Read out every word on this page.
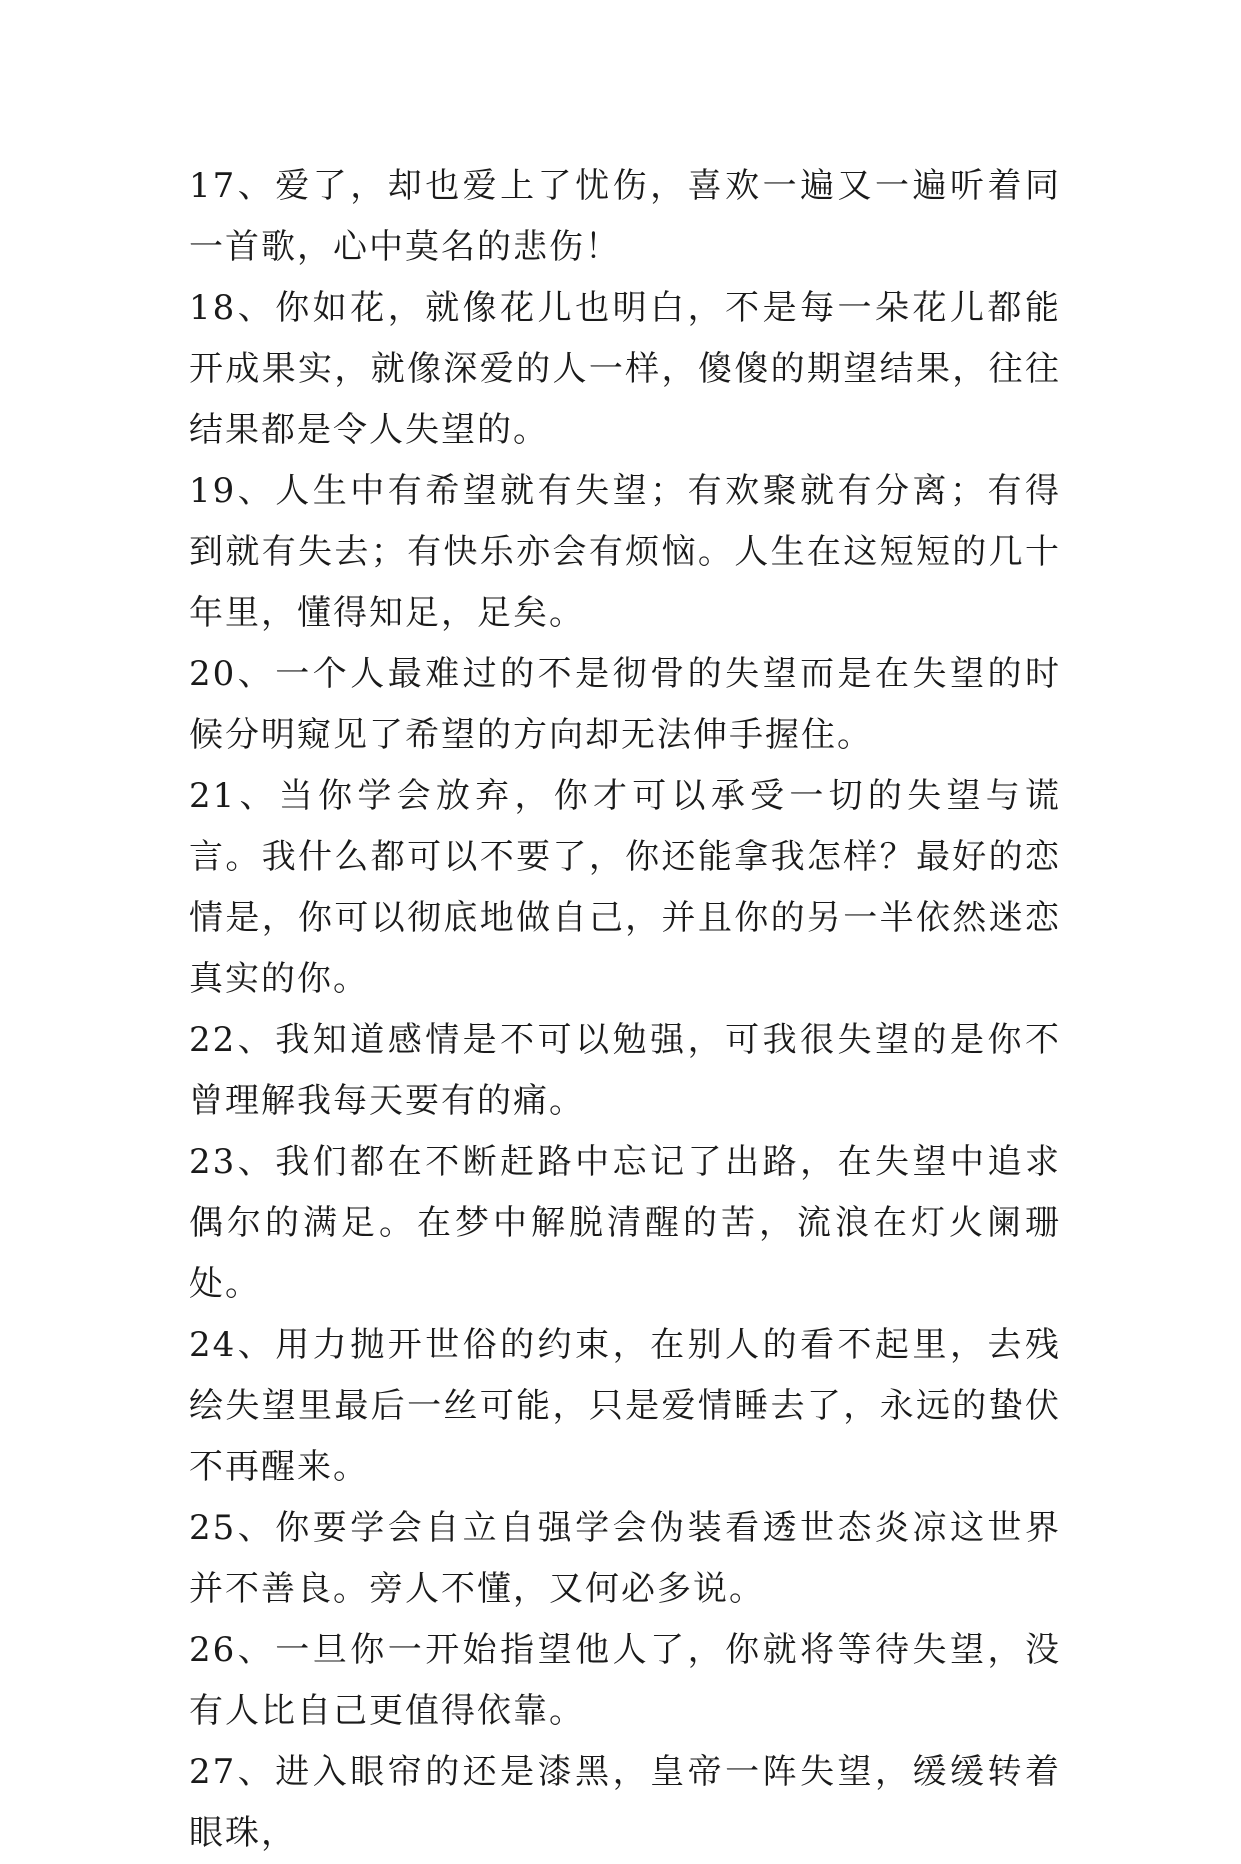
17、爱了，却也爱上了忧伤，喜欢一遍又一遍听着同一首歌，心中莫名的悲伤！

18、你如花，就像花儿也明白，不是每一朵花儿都能开成果实，就像深爱的人一样，傻傻的期望结果，往往结果都是令人失望的。

19、人生中有希望就有失望；有欢聚就有分离；有得到就有失去；有快乐亦会有烦恼。人生在这短短的几十年里，懂得知足，足矣。

20、一个人最难过的不是彻骨的失望而是在失望的时候分明窥见了希望的方向却无法伸手握住。

21、当你学会放弃，你才可以承受一切的失望与谎言。我什么都可以不要了，你还能拿我怎样？最好的恋情是，你可以彻底地做自己，并且你的另一半依然迷恋真实的你。

22、我知道感情是不可以勉强，可我很失望的是你不曾理解我每天要有的痛。

23、我们都在不断赶路中忘记了出路，在失望中追求偶尔的满足。在梦中解脱清醒的苦，流浪在灯火阑珊处。

24、用力抛开世俗的约束，在别人的看不起里，去残绘失望里最后一丝可能，只是爱情睡去了，永远的蛰伏不再醒来。

25、你要学会自立自强学会伪装看透世态炎凉这世界并不善良。旁人不懂，又何必多说。

26、一旦你一开始指望他人了，你就将等待失望，没有人比自己更值得依靠。

27、进入眼帘的还是漆黑，皇帝一阵失望，缓缓转着眼珠，
